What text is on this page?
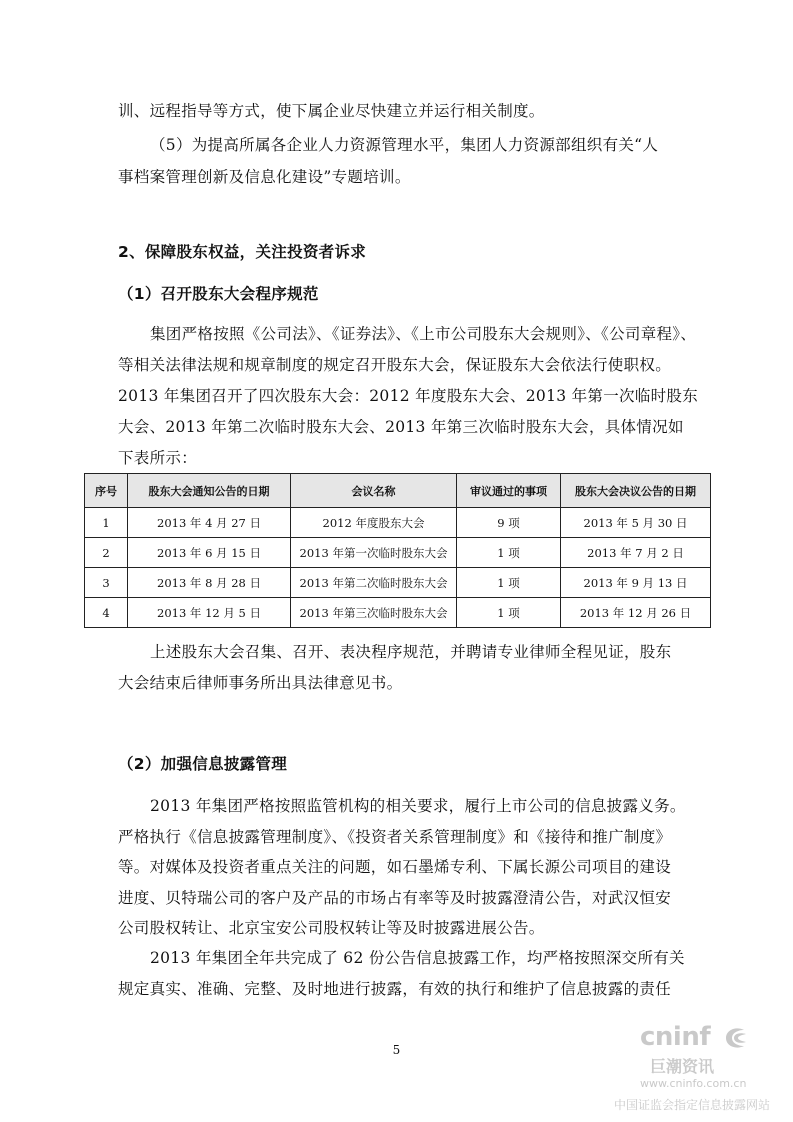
训、远程指导等方式，使下属企业尽快建立并运行相关制度。
（5）为提高所属各企业人力资源管理水平，集团人力资源部组织有关“人
事档案管理创新及信息化建设”专题培训。
2、保障股东权益，关注投资者诉求
（1）召开股东大会程序规范
集团严格按照《公司法》、《证券法》、《上市公司股东大会规则》、《公司章程》、
等相关法律法规和规章制度的规定召开股东大会，保证股东大会依法行使职权。
2013 年集团召开了四次股东大会：2012 年度股东大会、2013 年第一次临时股东
大会、2013 年第二次临时股东大会、2013 年第三次临时股东大会，具体情况如
下表所示：
序号	股东大会通知公告的日期	会议名称	审议通过的事项	股东大会决议公告的日期
1	2013 年 4 月 27 日	2012 年度股东大会	9 项	2013 年 5 月 30 日
2	2013 年 6 月 15 日	2013 年第一次临时股东大会	1 项	2013 年 7 月 2 日
3	2013 年 8 月 28 日	2013 年第二次临时股东大会	1 项	2013 年 9 月 13 日
4	2013 年 12 月 5 日	2013 年第三次临时股东大会	1 项	2013 年 12 月 26 日
上述股东大会召集、召开、表决程序规范，并聘请专业律师全程见证，股东
大会结束后律师事务所出具法律意见书。
（2）加强信息披露管理
2013 年集团严格按照监管机构的相关要求，履行上市公司的信息披露义务。
严格执行《信息披露管理制度》、《投资者关系管理制度》和《接待和推广制度》
等。对媒体及投资者重点关注的问题，如石墨烯专利、下属长源公司项目的建设
进度、贝特瑞公司的客户及产品的市场占有率等及时披露澄清公告，对武汉恒安
公司股权转让、北京宝安公司股权转让等及时披露进展公告。
2013 年集团全年共完成了 62 份公告信息披露工作，均严格按照深交所有关
规定真实、准确、完整、及时地进行披露，有效的执行和维护了信息披露的责任
5	cninf
巨潮资讯
www.cninfo.com.cn
中国证监会指定信息披露网站
